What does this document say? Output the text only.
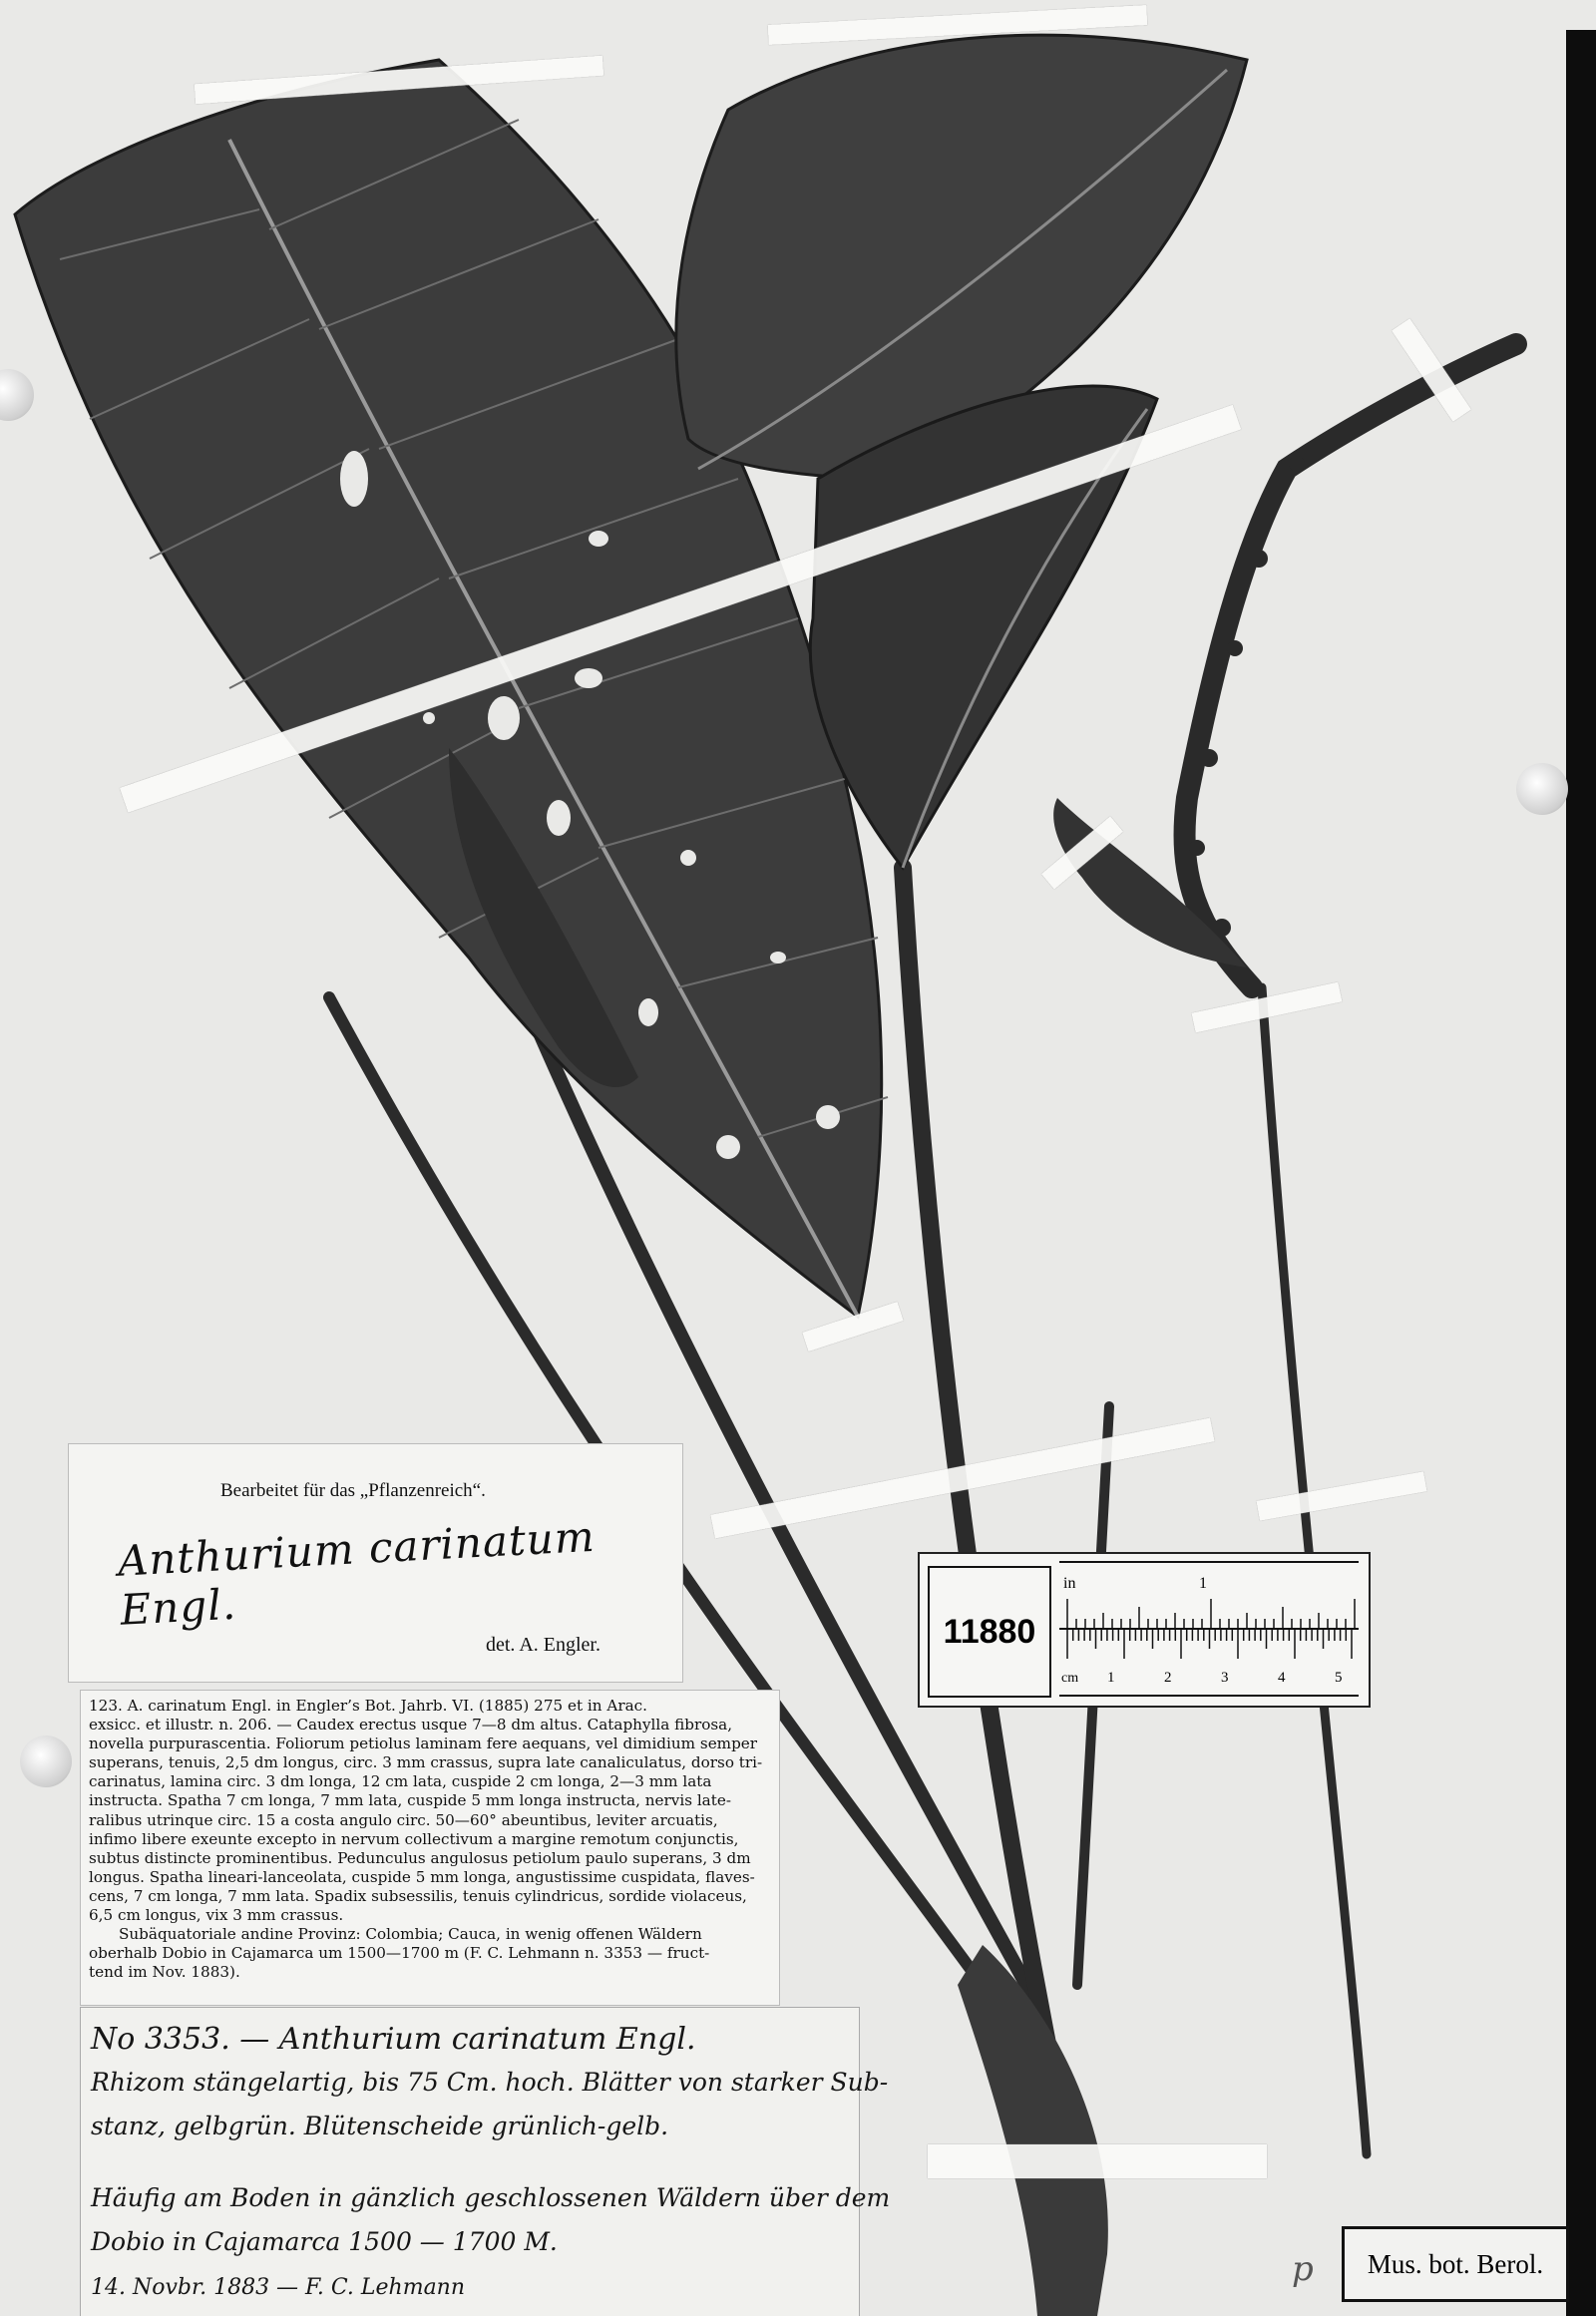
Bearbeitet für das „Pflanzenreich“.
Anthurium carinatum Engl.
det. A. Engler.
123. A. carinatum Engl. in Engler’s Bot. Jahrb. VI. (1885) 275 et in Arac.
exsicc. et illustr. n. 206. — Caudex erectus usque 7—8 dm altus. Cataphylla fibrosa,
novella purpurascentia. Foliorum petiolus laminam fere aequans, vel dimidium semper
superans, tenuis, 2,5 dm longus, circ. 3 mm crassus, supra late canaliculatus, dorso tri-
carinatus, lamina circ. 3 dm longa, 12 cm lata, cuspide 2 cm longa, 2—3 mm lata
instructa. Spatha 7 cm longa, 7 mm lata, cuspide 5 mm longa instructa, nervis late-
ralibus utrinque circ. 15 a costa angulo circ. 50—60° abeuntibus, leviter arcuatis,
infimo libere exeunte excepto in nervum collectivum a margine remotum conjunctis,
subtus distincte prominentibus. Pedunculus angulosus petiolum paulo superans, 3 dm
longus. Spatha lineari-lanceolata, cuspide 5 mm longa, angustissime cuspidata, flaves-
cens, 7 cm longa, 7 mm lata. Spadix subsessilis, tenuis cylindricus, sordide violaceus,
6,5 cm longus, vix 3 mm crassus.
Subäquatoriale andine Provinz: Colombia; Cauca, in wenig offenen Wäldern
oberhalb Dobio in Cajamarca um 1500—1700 m (F. C. Lehmann n. 3353 — fruct-
tend im Nov. 1883).
No 3353. — Anthurium carinatum Engl.
Rhizom stängelartig, bis 75 Cm. hoch. Blätter von starker Sub-
stanz, gelbgrün. Blütenscheide grünlich-gelb.
Häufig am Boden in gänzlich geschlossenen Wäldern über dem
Dobio in Cajamarca 1500 — 1700 M.
14. Novbr. 1883 — F. C. Lehmann
11880
in	1
cm 1	2	3	4	5
p Mus. bot. Berol.
